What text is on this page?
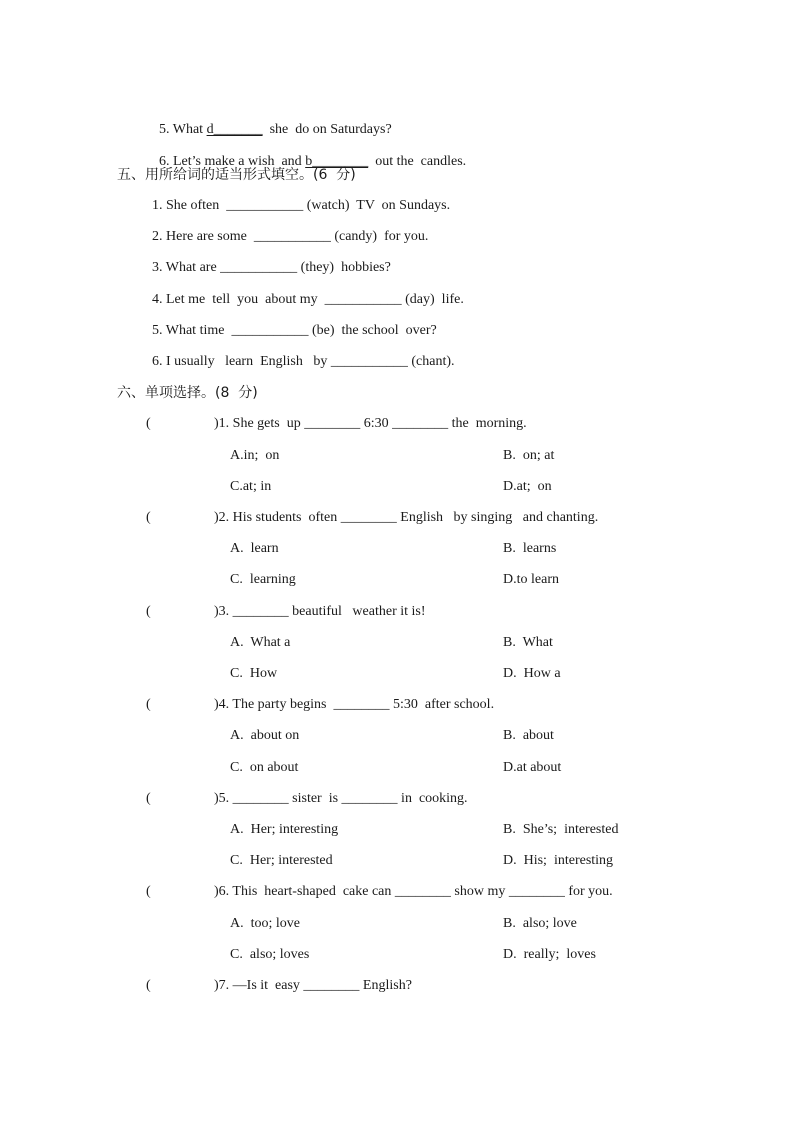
5. What d_______  she  do on Saturdays?

6. Let’s make a wish  and b________  out the  candles.

五、用所给词的适当形式填空。(6  分)
1. She often  ___________ (watch)  TV  on Sundays.
2. Here are some  ___________ (candy)  for you.
3. What are ___________ (they)  hobbies?
4. Let me  tell  you  about my  ___________ (day)  life.
5. What time  ___________ (be)  the school  over?
6. I usually   learn  English   by ___________ (chant).
六、单项选择。(8  分)
(	)1. She gets  up ________ 6:30 ________ the  morning.
A.in;  on	B.  on; at
C.at; in	D.at;  on
(	)2. His students  often ________ English   by singing   and chanting.
A.  learn	B.  learns
C.  learning	D.to learn
(	)3. ________ beautiful   weather it is!
A.  What a	B.  What
C.  How	D.  How a
(	)4. The party begins  ________ 5:30  after school.
A.  about on	B.  about
C.  on about	D.at about
(	)5. ________ sister  is ________ in  cooking.
A.  Her; interesting	B.  She’s;  interested
C.  Her; interested	D.  His;  interesting
(	)6. This  heart-shaped  cake can ________ show my ________ for you.
A.  too; love	B.  also; love
C.  also; loves	D.  really;  loves
(	)7. —Is it  easy ________ English?
